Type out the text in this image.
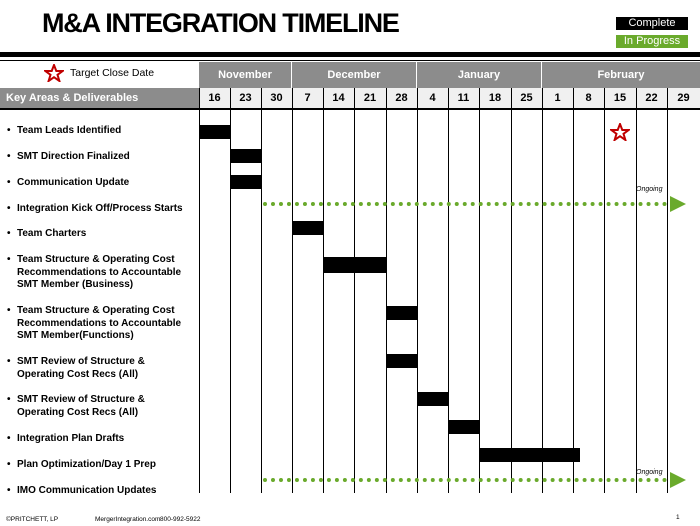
M&A INTEGRATION TIMELINE	Complete
In Progress
Target Close Date	November	December	January	February
Key Areas & Deliverables	16	23	30	7	14	21	28	4	11	18	25	1	8	15	22	29
• Team Leads Identified
• SMT Direction Finalized
• Communication Update
• Integration Kick Off/Process Starts
• Team Charters
• Team Structure & Operating Cost
Recommendations to Accountable
SMT Member (Business)
• Team Structure & Operating Cost
Recommendations to Accountable
SMT Member(Functions)
• SMT Review of Structure &
Operating Cost Recs (All)
• SMT Review of Structure &
Operating Cost Recs (All)
• Integration Plan Drafts
• Plan Optimization/Day 1 Prep
• IMO Communication Updates
Ongoing
Ongoing
©PRITCHETT, LP	MergerIntegration.com 800-992-5922	1
